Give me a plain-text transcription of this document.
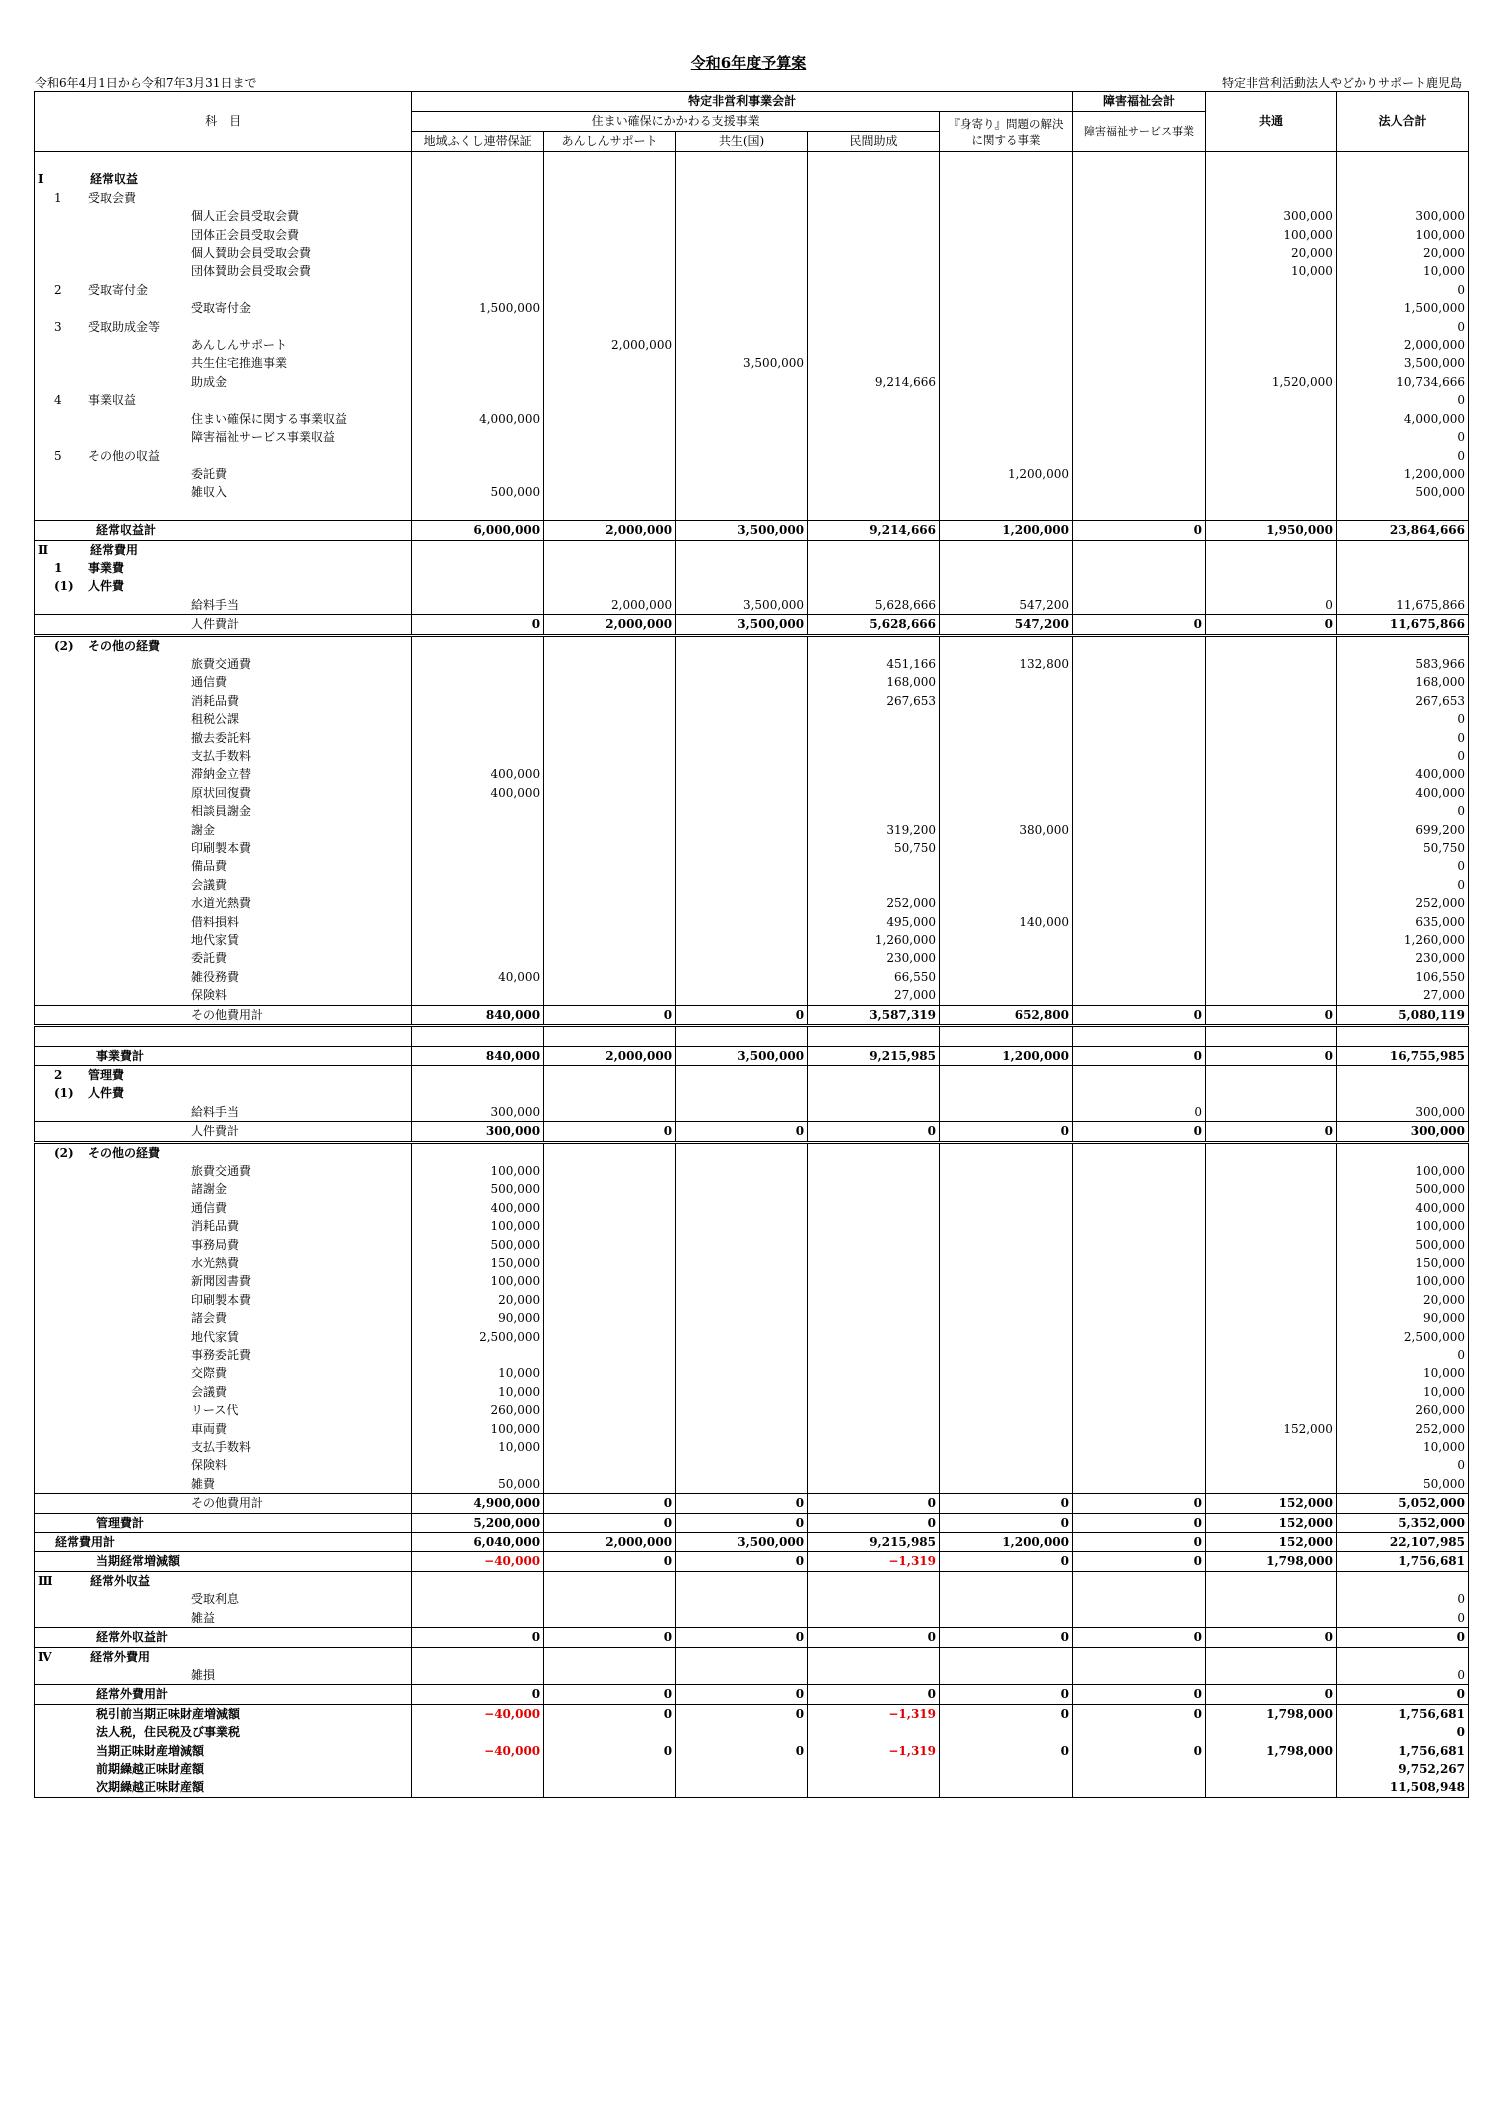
令和6年度予算案
令和6年4月1日から令和7年3月31日まで	特定非営利活動法人やどかりサポート鹿児島
科　目	特定非営利事業会計					障害福祉会計	共通	法人合計
	住まい確保にかかわる支援事業				『身寄り』問題の解決
に関する事業	障害福祉サービス事業		
	地域ふくし連帯保証	あんしんサポート	共生(国)	民間助成				

Ⅰ 経常収益								
1 受取会費								
個人正会員受取会費							300,000	300,000
団体正会員受取会費							100,000	100,000
個人賛助会員受取会費							20,000	20,000
団体賛助会員受取会費							10,000	10,000
2 受取寄付金								0
受取寄付金	1,500,000							1,500,000
3 受取助成金等								0
あんしんサポート		2,000,000						2,000,000
共生住宅推進事業			3,500,000					3,500,000
助成金				9,214,666			1,520,000	10,734,666
4 事業収益								0
住まい確保に関する事業収益	4,000,000							4,000,000
障害福祉サービス事業収益								0
5 その他の収益								0
委託費					1,200,000			1,200,000
雑収入	500,000							500,000

経常収益計	6,000,000	2,000,000	3,500,000	9,214,666	1,200,000	0	1,950,000	23,864,666
Ⅱ 経常費用								
1 事業費								
(1) 人件費								
給料手当		2,000,000	3,500,000	5,628,666	547,200		0	11,675,866
人件費計	0	2,000,000	3,500,000	5,628,666	547,200	0	0	11,675,866
(2) その他の経費								
旅費交通費				451,166	132,800			583,966
通信費				168,000				168,000
消耗品費				267,653				267,653
租税公課								0
撤去委託料								0
支払手数料								0
滞納金立替	400,000							400,000
原状回復費	400,000							400,000
相談員謝金								0
謝金				319,200	380,000			699,200
印刷製本費				50,750				50,750
備品費								0
会議費								0
水道光熱費				252,000				252,000
借料損料				495,000	140,000			635,000
地代家賃				1,260,000				1,260,000
委託費				230,000				230,000
雑役務費	40,000			66,550				106,550
保険料				27,000				27,000
その他費用計	840,000	0	0	3,587,319	652,800	0	0	5,080,119

事業費計	840,000	2,000,000	3,500,000	9,215,985	1,200,000	0	0	16,755,985
2 管理費								
(1) 人件費								
給料手当	300,000					0		300,000
人件費計	300,000	0	0	0	0	0	0	300,000
(2) その他の経費								
旅費交通費	100,000							100,000
諸謝金	500,000							500,000
通信費	400,000							400,000
消耗品費	100,000							100,000
事務局費	500,000							500,000
水光熱費	150,000							150,000
新聞図書費	100,000							100,000
印刷製本費	20,000							20,000
諸会費	90,000							90,000
地代家賃	2,500,000							2,500,000
事務委託費								0
交際費	10,000							10,000
会議費	10,000							10,000
リース代	260,000							260,000
車両費	100,000						152,000	252,000
支払手数料	10,000							10,000
保険料								0
雑費	50,000							50,000
その他費用計	4,900,000	0	0	0	0	0	152,000	5,052,000
管理費計	5,200,000	0	0	0	0	0	152,000	5,352,000
経常費用計	6,040,000	2,000,000	3,500,000	9,215,985	1,200,000	0	152,000	22,107,985
当期経常増減額	−40,000	0	0	−1,319	0	0	1,798,000	1,756,681
Ⅲ 経常外収益								
受取利息								0
雑益								0
経常外収益計	0	0	0	0	0	0	0	0
Ⅳ 経常外費用								
雑損								0
経常外費用計	0	0	0	0	0	0	0	0
税引前当期正味財産増減額	−40,000	0	0	−1,319	0	0	1,798,000	1,756,681
法人税，住民税及び事業税								0
当期正味財産増減額	−40,000	0	0	−1,319	0	0	1,798,000	1,756,681
前期繰越正味財産額								9,752,267
次期繰越正味財産額								11,508,948
